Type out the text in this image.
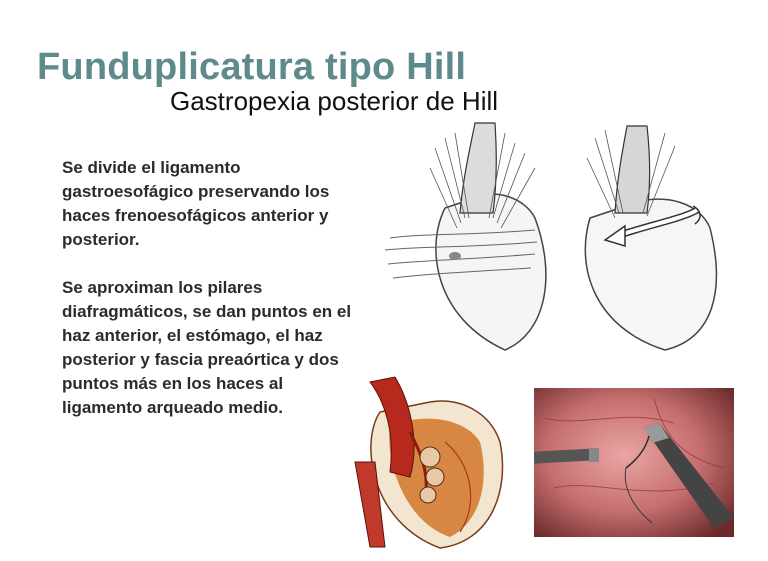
Funduplicatura tipo Hill
Gastropexia posterior de Hill

Se divide el ligamento gastroesofágico preservando los haces frenoesofágicos anterior y posterior.

Se aproximan los pilares diafragmáticos, se dan puntos en el haz anterior, el estómago, el haz posterior y fascia preaórtica y dos puntos más en los haces al ligamento arqueado medio.
